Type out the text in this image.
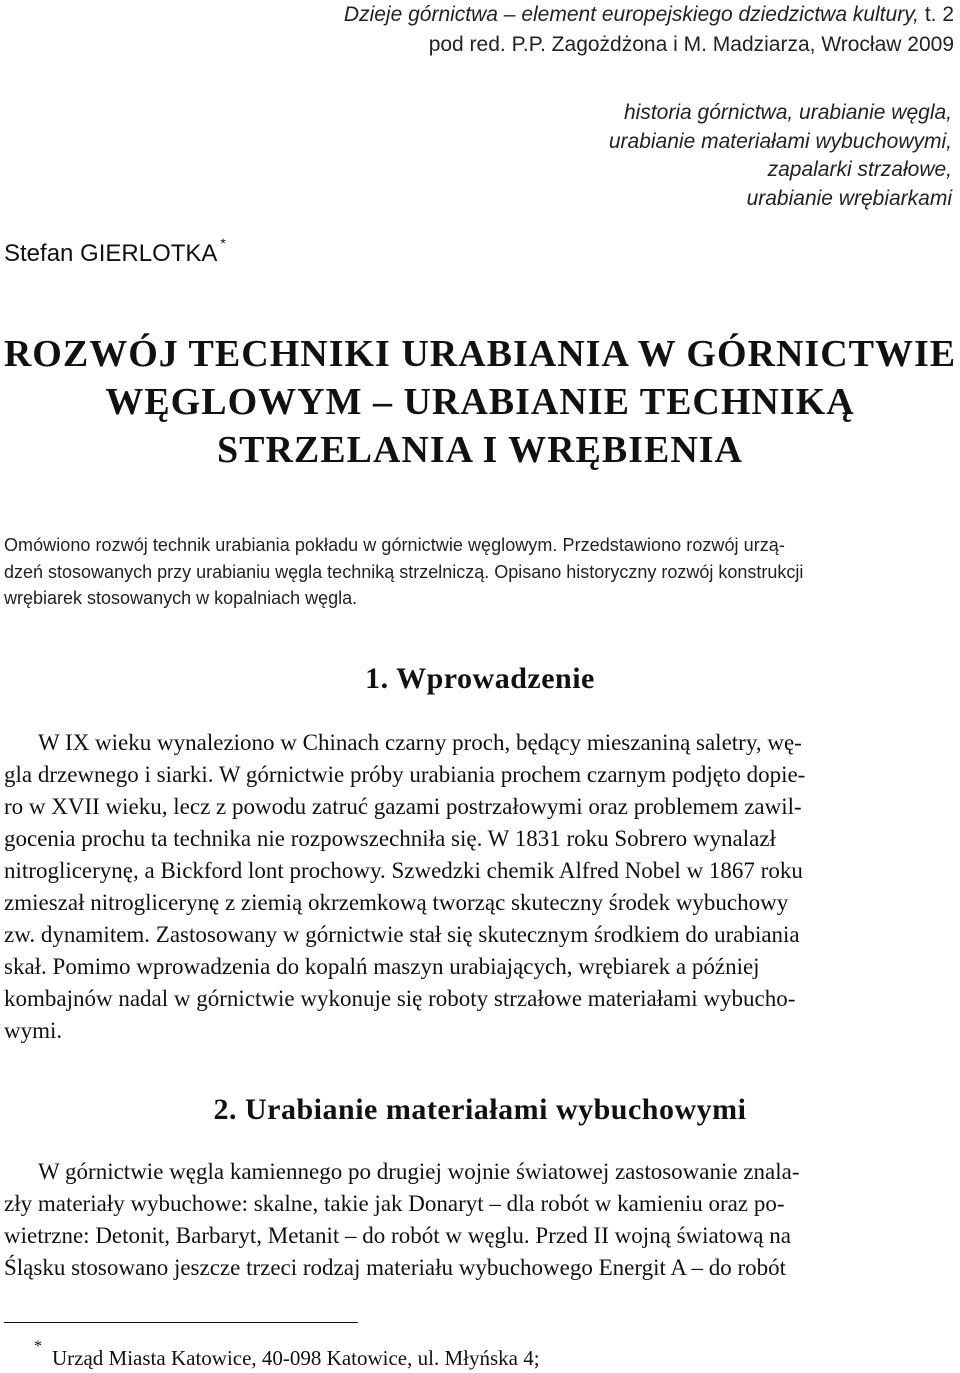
Dzieje górnictwa – element europejskiego dziedzictwa kultury, t. 2
pod red. P.P. Zagożdżona i M. Madziarza, Wrocław 2009
historia górnictwa, urabianie węgla,
urabianie materiałami wybuchowymi,
zapalarki strzałowe,
urabianie wrębiarkami
Stefan GIERLOTKA *
ROZWÓJ TECHNIKI URABIANIA W GÓRNICTWIE
WĘGLOWYM – URABIANIE TECHNIKĄ
STRZELANIA I WRĘBIENIA
Omówiono rozwój technik urabiania pokładu w górnictwie węglowym. Przedstawiono rozwój urzą-
dzeń stosowanych przy urabianiu węgla techniką strzelniczą. Opisano historyczny rozwój konstrukcji
wrębiarek stosowanych w kopalniach węgla.
1. Wprowadzenie
W IX wieku wynaleziono w Chinach czarny proch, będący mieszaniną saletry, wę-
gla drzewnego i siarki. W górnictwie próby urabiania prochem czarnym podjęto dopie-
ro w XVII wieku, lecz z powodu zatruć gazami postrzałowymi oraz problemem zawil-
gocenia prochu ta technika nie rozpowszechniła się. W 1831 roku Sobrero wynalazł
nitroglicerynę, a Bickford lont prochowy. Szwedzki chemik Alfred Nobel w 1867 roku
zmieszał nitroglicerynę z ziemią okrzemkową tworząc skuteczny środek wybuchowy
zw. dynamitem. Zastosowany w górnictwie stał się skutecznym środkiem do urabiania
skał. Pomimo wprowadzenia do kopalń maszyn urabiających, wrębiarek a później
kombajnów nadal w górnictwie wykonuje się roboty strzałowe materiałami wybucho-
wymi.
2. Urabianie materiałami wybuchowymi
W górnictwie węgla kamiennego po drugiej wojnie światowej zastosowanie znala-
zły materiały wybuchowe: skalne, takie jak Donaryt – dla robót w kamieniu oraz po-
wietrzne: Detonit, Barbaryt, Metanit – do robót w węglu. Przed II wojną światową na
Śląsku stosowano jeszcze trzeci rodzaj materiału wybuchowego Energit A – do robót
* Urząd Miasta Katowice, 40-098 Katowice, ul. Młyńska 4;
